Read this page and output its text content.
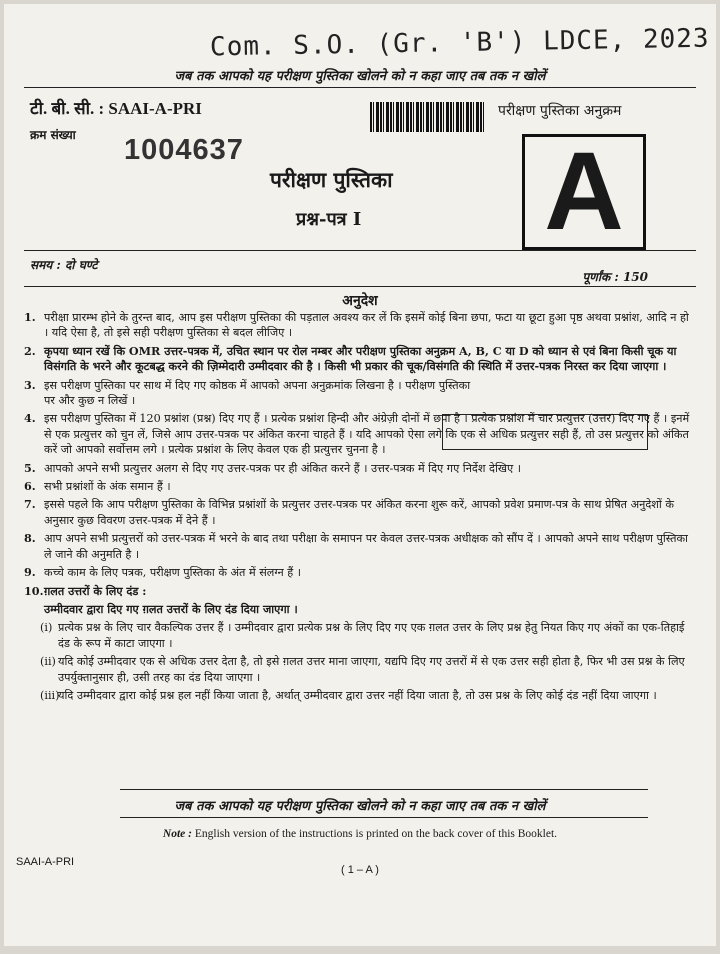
Com. S.O. (Gr. 'B') LDCE, 2023
जब तक आपको यह परीक्षण पुस्तिका खोलने को न कहा जाए तब तक न खोलें
टी. बी. सी. : SAAI-A-PRI	परीक्षण पुस्तिका अनुक्रम
क्रम संख्या 1004637	A
परीक्षण पुस्तिका
प्रश्न-पत्र I
समय : दो घण्टे
पूर्णांक : 150
अनुदेश
1. परीक्षा प्रारम्भ होने के तुरन्त बाद, आप इस परीक्षण पुस्तिका की पड़ताल अवश्य कर लें कि इसमें कोई बिना छपा, फटा या छूटा हुआ पृष्ठ अथवा प्रश्नांश, आदि न हो । यदि ऐसा है, तो इसे सही परीक्षण पुस्तिका से बदल लीजिए ।
2. कृपया ध्यान रखें कि OMR उत्तर-पत्रक में, उचित स्थान पर रोल नम्बर और परीक्षण पुस्तिका अनुक्रम A, B, C या D को ध्यान से एवं बिना किसी चूक या विसंगति के भरने और कूटबद्ध करने की ज़िम्मेदारी उम्मीदवार की है । किसी भी प्रकार की चूक/विसंगति की स्थिति में उत्तर-पत्रक निरस्त कर दिया जाएगा ।
3. इस परीक्षण पुस्तिका पर साथ में दिए गए कोष्ठक में आपको अपना अनुक्रमांक लिखना है । परीक्षण पुस्तिका पर और कुछ न लिखें ।
4. इस परीक्षण पुस्तिका में 120 प्रश्नांश (प्रश्न) दिए गए हैं । प्रत्येक प्रश्नांश हिन्दी और अंग्रेज़ी दोनों में छपा है । प्रत्येक प्रश्नांश में चार प्रत्युत्तर (उत्तर) दिए गए हैं । इनमें से एक प्रत्युत्तर को चुन लें, जिसे आप उत्तर-पत्रक पर अंकित करना चाहते हैं । यदि आपको ऐसा लगे कि एक से अधिक प्रत्युत्तर सही हैं, तो उस प्रत्युत्तर को अंकित करें जो आपको सर्वोत्तम लगे । प्रत्येक प्रश्नांश के लिए केवल एक ही प्रत्युत्तर चुनना है ।
5. आपको अपने सभी प्रत्युत्तर अलग से दिए गए उत्तर-पत्रक पर ही अंकित करने हैं । उत्तर-पत्रक में दिए गए निर्देश देखिए ।
6. सभी प्रश्नांशों के अंक समान हैं ।
7. इससे पहले कि आप परीक्षण पुस्तिका के विभिन्न प्रश्नांशों के प्रत्युत्तर उत्तर-पत्रक पर अंकित करना शुरू करें, आपको प्रवेश प्रमाण-पत्र के साथ प्रेषित अनुदेशों के अनुसार कुछ विवरण उत्तर-पत्रक में देने हैं ।
8. आप अपने सभी प्रत्युत्तरों को उत्तर-पत्रक में भरने के बाद तथा परीक्षा के समापन पर केवल उत्तर-पत्रक अधीक्षक को सौंप दें । आपको अपने साथ परीक्षण पुस्तिका ले जाने की अनुमति है ।
9. कच्चे काम के लिए पत्रक, परीक्षण पुस्तिका के अंत में संलग्न हैं ।
10. ग़लत उत्तरों के लिए दंड :
उम्मीदवार द्वारा दिए गए ग़लत उत्तरों के लिए दंड दिया जाएगा ।
(i) प्रत्येक प्रश्न के लिए चार वैकल्पिक उत्तर हैं । उम्मीदवार द्वारा प्रत्येक प्रश्न के लिए दिए गए एक ग़लत उत्तर के लिए प्रश्न हेतु नियत किए गए अंकों का एक-तिहाई दंड के रूप में काटा जाएगा ।
(ii) यदि कोई उम्मीदवार एक से अधिक उत्तर देता है, तो इसे ग़लत उत्तर माना जाएगा, यद्यपि दिए गए उत्तरों में से एक उत्तर सही होता है, फिर भी उस प्रश्न के लिए उपर्युक्तानुसार ही, उसी तरह का दंड दिया जाएगा ।
(iii)
यदि उम्मीदवार द्वारा कोई प्रश्न हल नहीं किया जाता है, अर्थात् उम्मीदवार द्वारा उत्तर नहीं दिया जाता है, तो उस प्रश्न के लिए कोई दंड नहीं दिया जाएगा ।
जब तक आपको यह परीक्षण पुस्तिका खोलने को न कहा जाए तब तक न खोलें
Note : English version of the instructions is printed on the back cover of this Booklet.
SAAI-A-PRI
( 1 – A )
